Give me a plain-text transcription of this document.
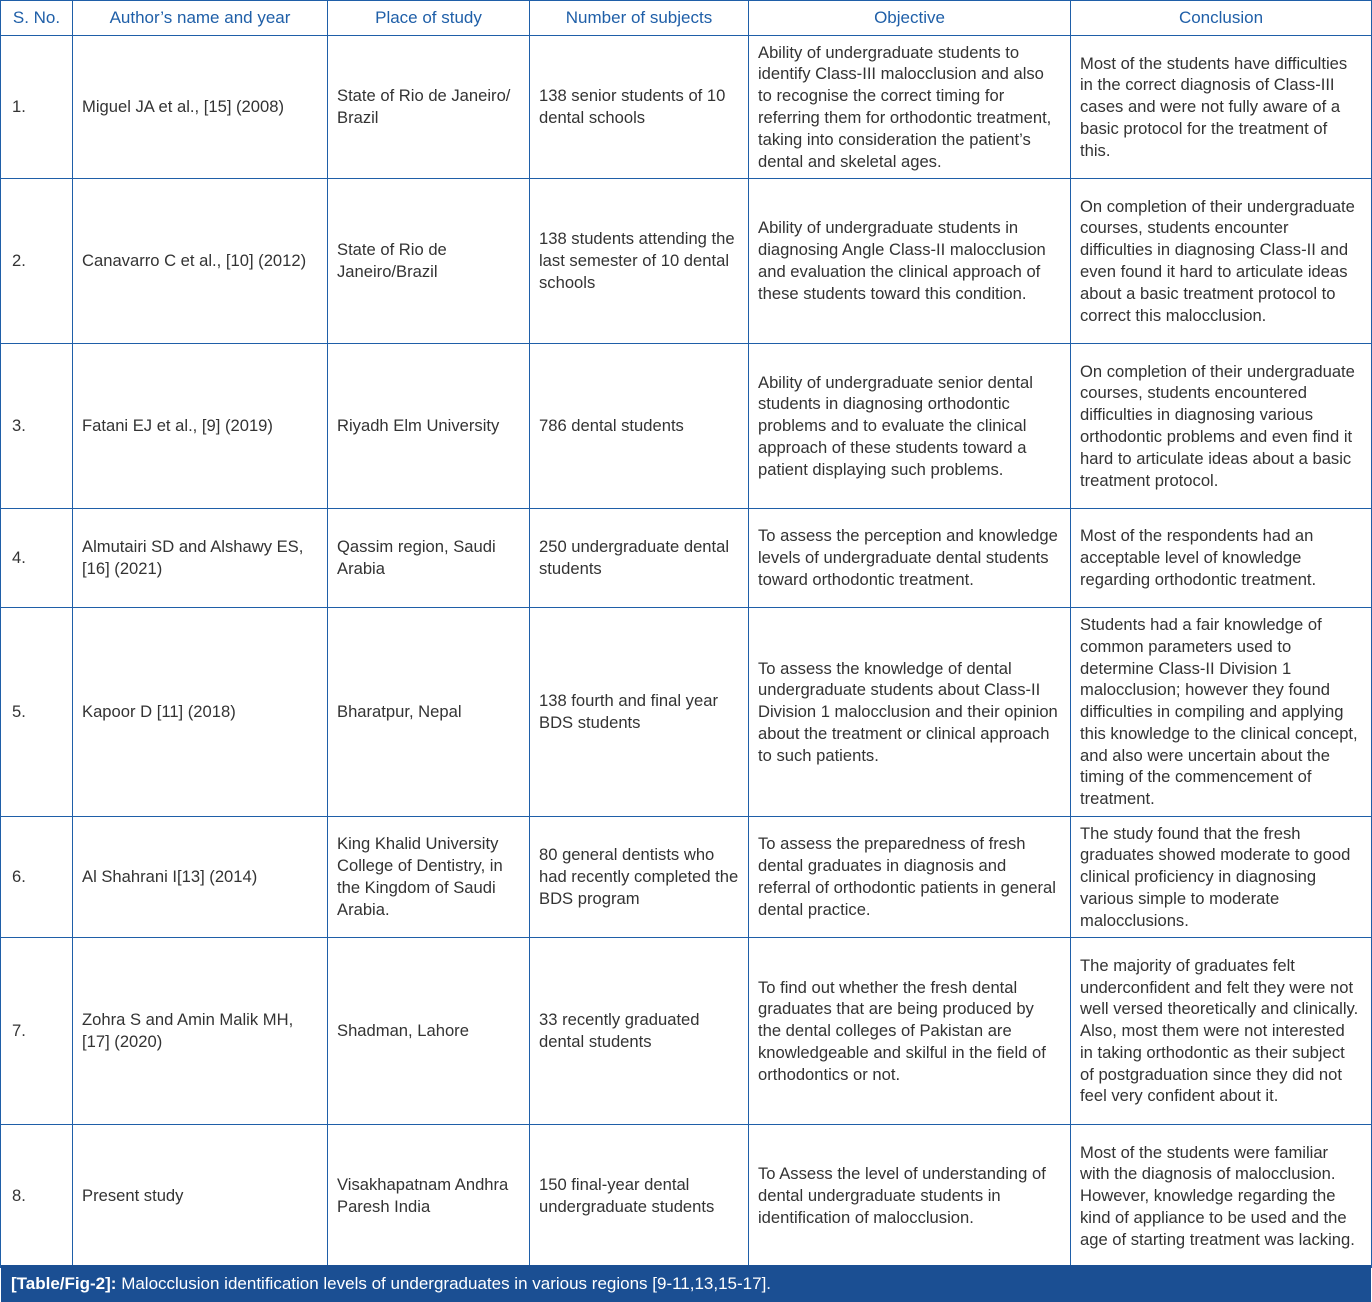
S. No.	Author’s name and year	Place of study	Number of subjects	Objective	Conclusion
1.	Miguel JA et al., [15] (2008)	State of Rio de Janeiro/ Brazil	138 senior students of 10 dental schools	Ability of undergraduate students to identify Class-III malocclusion and also to recognise the correct timing for referring them for orthodontic treatment, taking into consideration the patient’s dental and skeletal ages.	Most of the students have difficulties in the correct diagnosis of Class-III cases and were not fully aware of a basic protocol for the treatment of this.
2.	Canavarro C et al., [10] (2012)	State of Rio de Janeiro/Brazil	138 students attending the last semester of 10 dental schools	Ability of undergraduate students in diagnosing Angle Class-II malocclusion and evaluation the clinical approach of these students toward this condition.	On completion of their undergraduate courses, students encounter difficulties in diagnosing Class-II and even found it hard to articulate ideas about a basic treatment protocol to correct this malocclusion.
3.	Fatani EJ et al., [9] (2019)	Riyadh Elm University	786 dental students	Ability of undergraduate senior dental students in diagnosing orthodontic problems and to evaluate the clinical approach of these students toward a patient displaying such problems.	On completion of their undergraduate courses, students encountered difficulties in diagnosing various orthodontic problems and even find it hard to articulate ideas about a basic treatment protocol.
4.	Almutairi SD and Alshawy ES, [16] (2021)	Qassim region, Saudi Arabia	250 undergraduate dental students	To assess the perception and knowledge levels of undergraduate dental students toward orthodontic treatment.	Most of the respondents had an acceptable level of knowledge regarding orthodontic treatment.
5.	Kapoor D [11] (2018)	Bharatpur, Nepal	138 fourth and final year BDS students	To assess the knowledge of dental undergraduate students about Class-II Division 1 malocclusion and their opinion about the treatment or clinical approach to such patients.	Students had a fair knowledge of common parameters used to determine Class-II Division 1 malocclusion; however they found difficulties in compiling and applying this knowledge to the clinical concept, and also were uncertain about the timing of the commencement of treatment.
6.	Al Shahrani I[13] (2014)	King Khalid University College of Dentistry, in the Kingdom of Saudi Arabia.	80 general dentists who had recently completed the BDS program	To assess the preparedness of fresh dental graduates in diagnosis and referral of orthodontic patients in general dental practice.	The study found that the fresh graduates showed moderate to good clinical proficiency in diagnosing various simple to moderate malocclusions.
7.	Zohra S and Amin Malik MH, [17] (2020)	Shadman, Lahore	33 recently graduated dental students	To find out whether the fresh dental graduates that are being produced by the dental colleges of Pakistan are knowledgeable and skilful in the field of orthodontics or not.	The majority of graduates felt underconfident and felt they were not well versed theoretically and clinically. Also, most them were not interested in taking orthodontic as their subject of postgraduation since they did not feel very confident about it.
8.	Present study	Visakhapatnam Andhra Paresh India	150 final-year dental undergraduate students	To Assess the level of understanding of dental undergraduate students in identification of malocclusion.	Most of the students were familiar with the diagnosis of malocclusion. However, knowledge regarding the kind of appliance to be used and the age of starting treatment was lacking.
[Table/Fig-2]: Malocclusion identification levels of undergraduates in various regions [9-11,13,15-17].
